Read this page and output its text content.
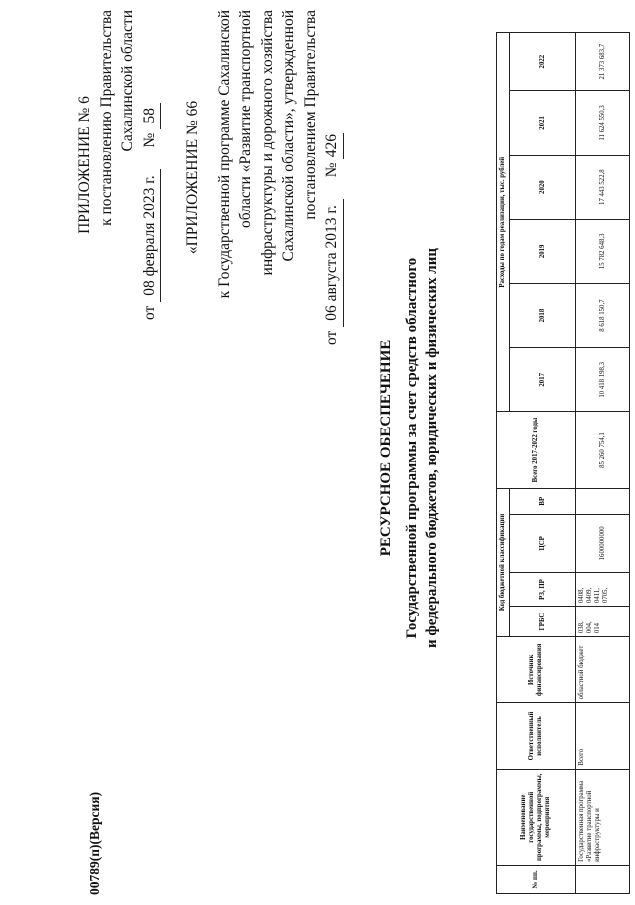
ПРИЛОЖЕНИЕ № 6 к постановлению Правительства Сахалинской области
от 08 февраля 2023 г. № 58 «ПРИЛОЖЕНИЕ № 66 к Государственной программе Сахалинской области «Развитие транспортной инфраструктуры и дорожного хозяйства Сахалинской области», утвержденной постановлением Правительства
от 06 августа 2013 г. № 426
РЕСУРСНОЕ ОБЕСПЕЧЕНИЕ Государственной программы за счет средств областного и федерального бюджетов, юридических и физических лиц
00789(п)(Версия)	№ пп.	Наименование государственной программы, подпрограммы, мероприятия	Ответственный исполнитель	Источник финансирования	Код бюджетной классификации				Всего 2017-2022 годы	Расходы по годам реализации, тыс. рублей					
				ГРБС	РЗ, ПР	ЦСР	ВР		2017	2018	2019	2020	2021	2022
	Государственная программа «Развитие транспортной инфраструктуры и	Всего	областной бюджет	038, 004, 014	0408, 0409, 0411, 0705,	1600000000		85 260 754,1	10 418 198,3	8 618 150,7	15 782 648,3	17 443 522,8	11 624 550,3	21 373 683,7
